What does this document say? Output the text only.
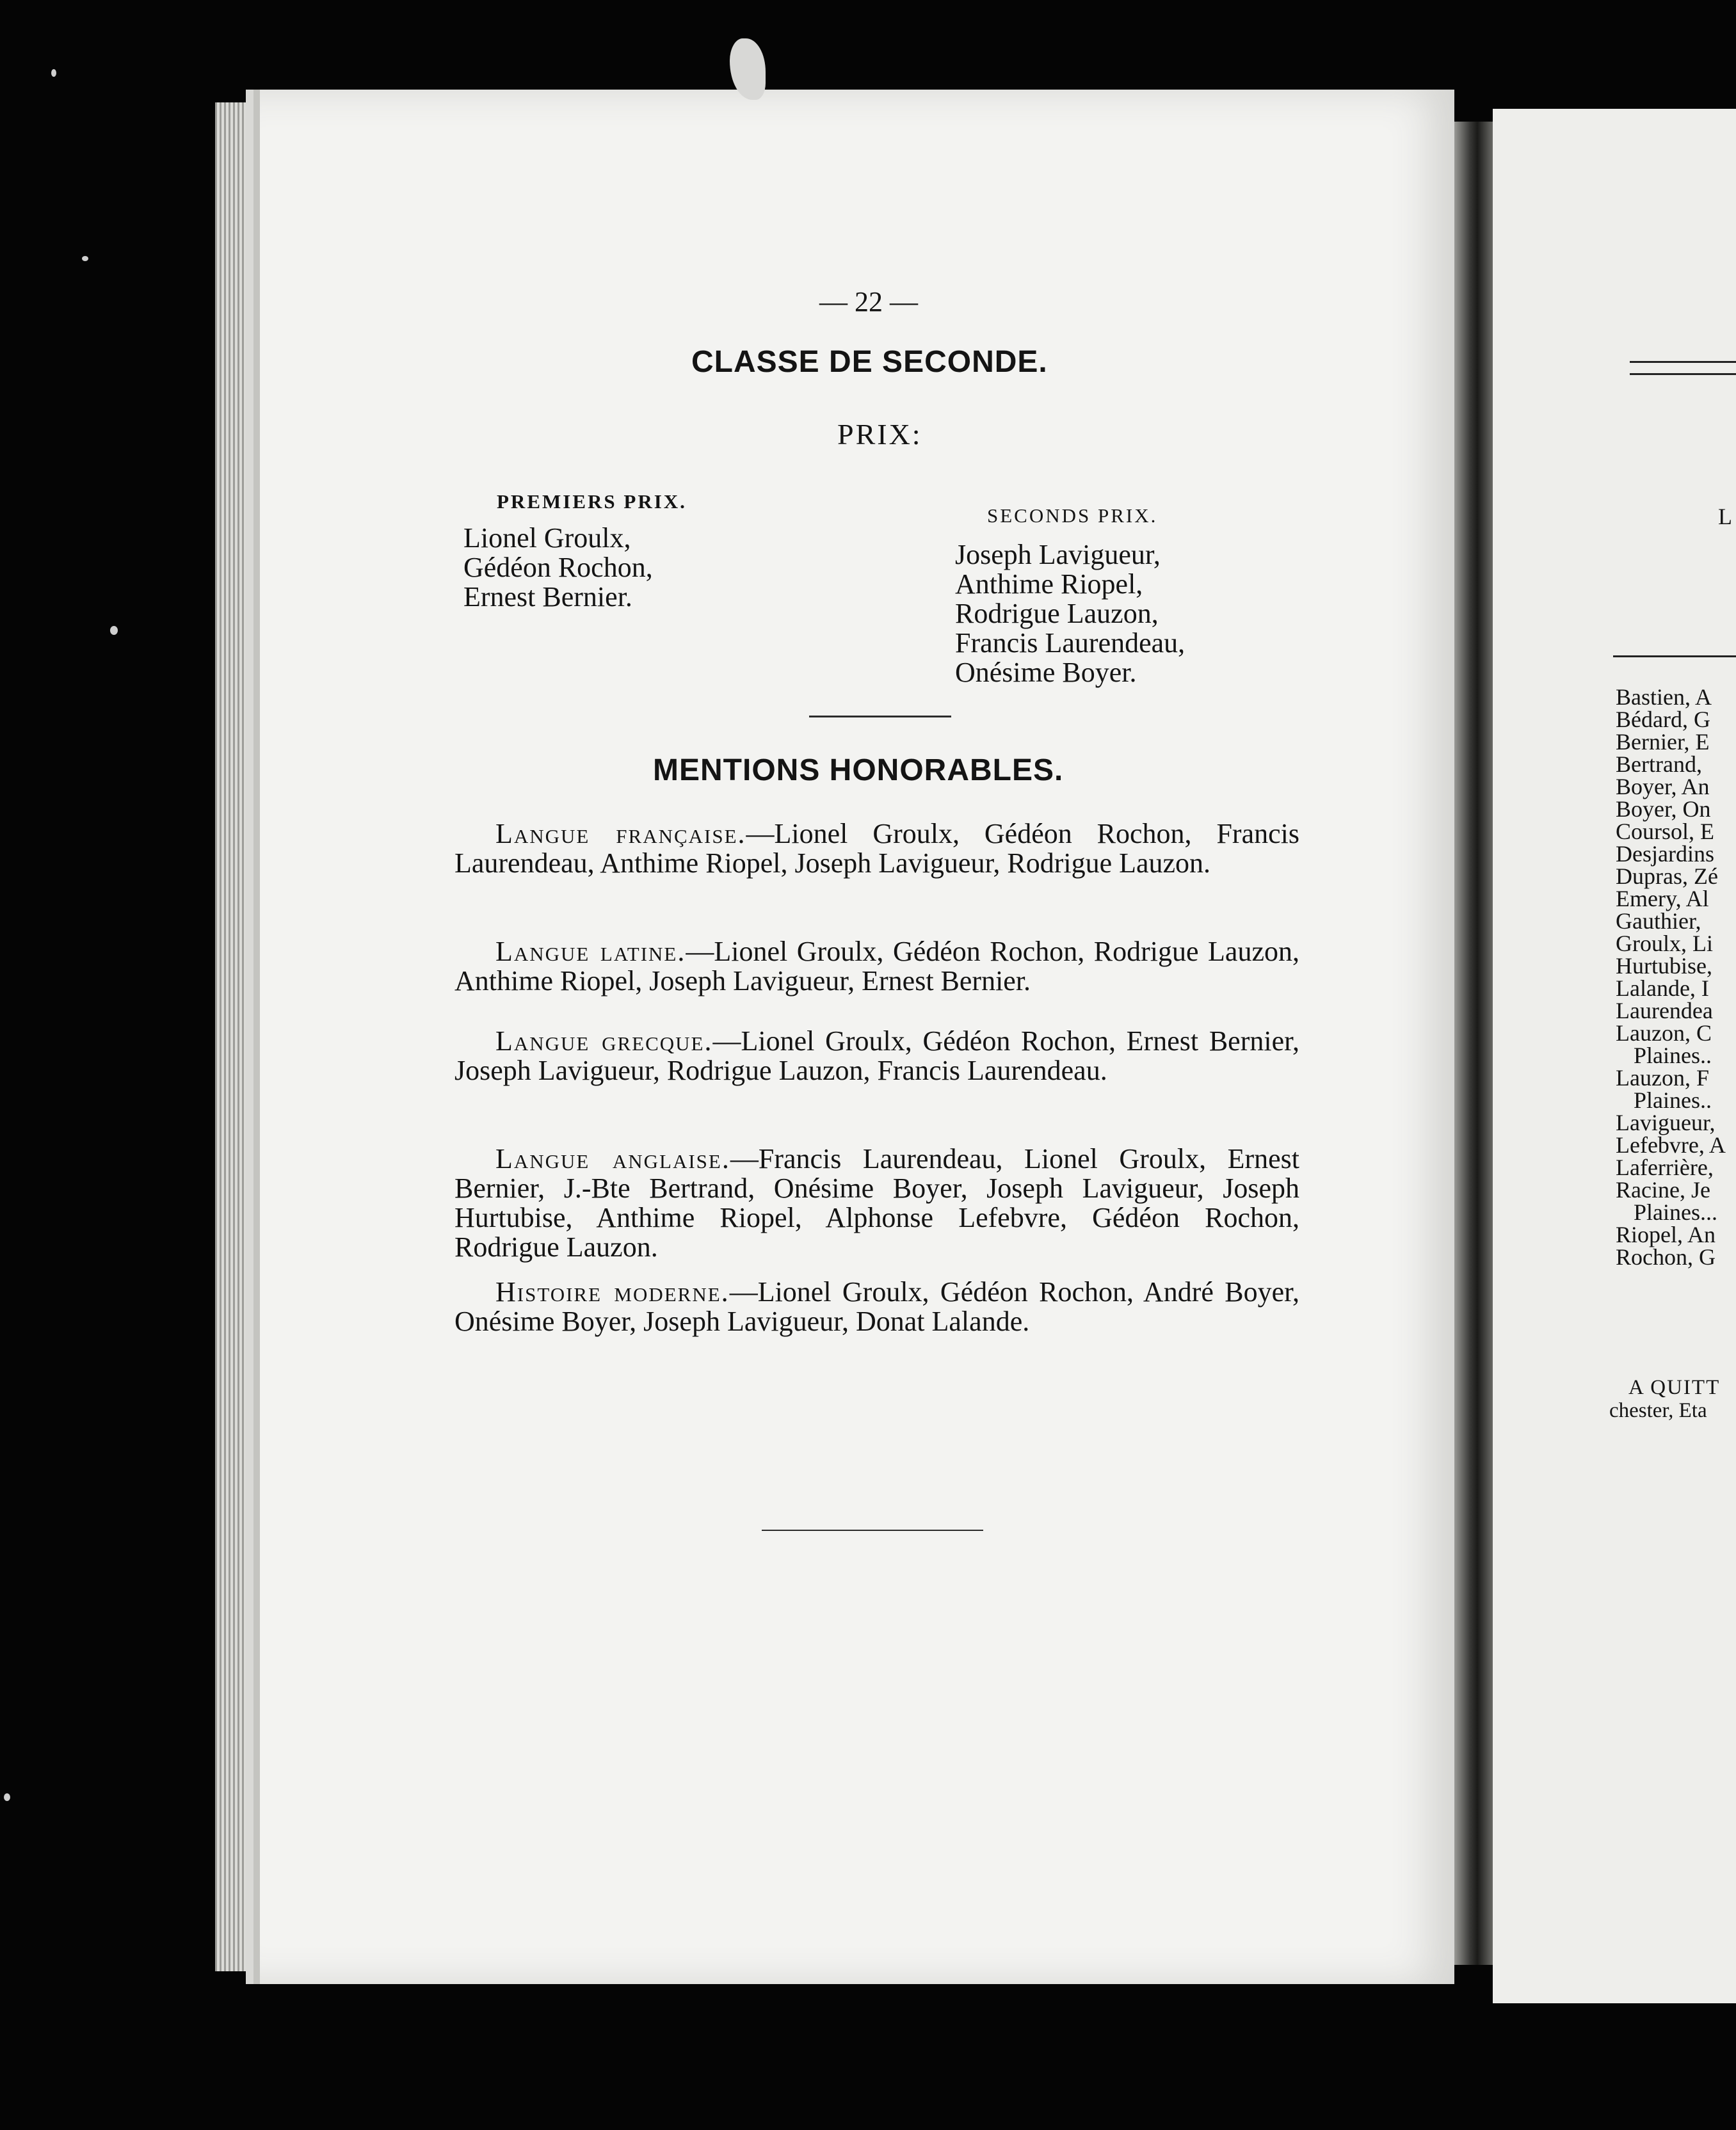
— 22 —
CLASSE DE SECONDE.
PRIX:
PREMIERS PRIX.
Lionel Groulx,
Gédéon Rochon,
Ernest Bernier.
SECONDS PRIX.
Joseph Lavigueur,
Anthime Riopel,
Rodrigue Lauzon,
Francis Laurendeau,
Onésime Boyer.
MENTIONS HONORABLES.
Langue française.—Lionel Groulx, Gédéon Rochon, Francis Laurendeau, Anthime Riopel, Joseph Lavigueur, Rodrigue Lauzon.
Langue latine.—Lionel Groulx, Gédéon Rochon, Rodrigue Lauzon, Anthime Riopel, Joseph Lavigueur, Ernest Bernier.
Langue grecque.—Lionel Groulx, Gédéon Rochon, Ernest Bernier, Joseph Lavigueur, Rodrigue Lauzon, Francis Laurendeau.
Langue anglaise.—Francis Laurendeau, Lionel Groulx, Ernest Bernier, J.-Bte Bertrand, Onésime Boyer, Joseph Lavigueur, Joseph Hurtubise, Anthime Riopel, Alphonse Lefebvre, Gédéon Rochon, Rodrigue Lauzon.
Histoire moderne.—Lionel Groulx, Gédéon Rochon, André Boyer, Onésime Boyer, Joseph Lavigueur, Donat Lalande.
L
Bastien, A
Bédard, G
Bernier, E
Bertrand,
Boyer, An
Boyer, On
Coursol, E
Desjardins
Dupras, Zé
Emery, Al
Gauthier,
Groulx, Li
Hurtubise,
Lalande, I
Laurendea
Lauzon, C
Plaines..
Lauzon, F
Plaines..
Lavigueur,
Lefebvre, A
Laferrière,
Racine, Je
Plaines...
Riopel, An
Rochon, G
A QUITT
chester, Eta
